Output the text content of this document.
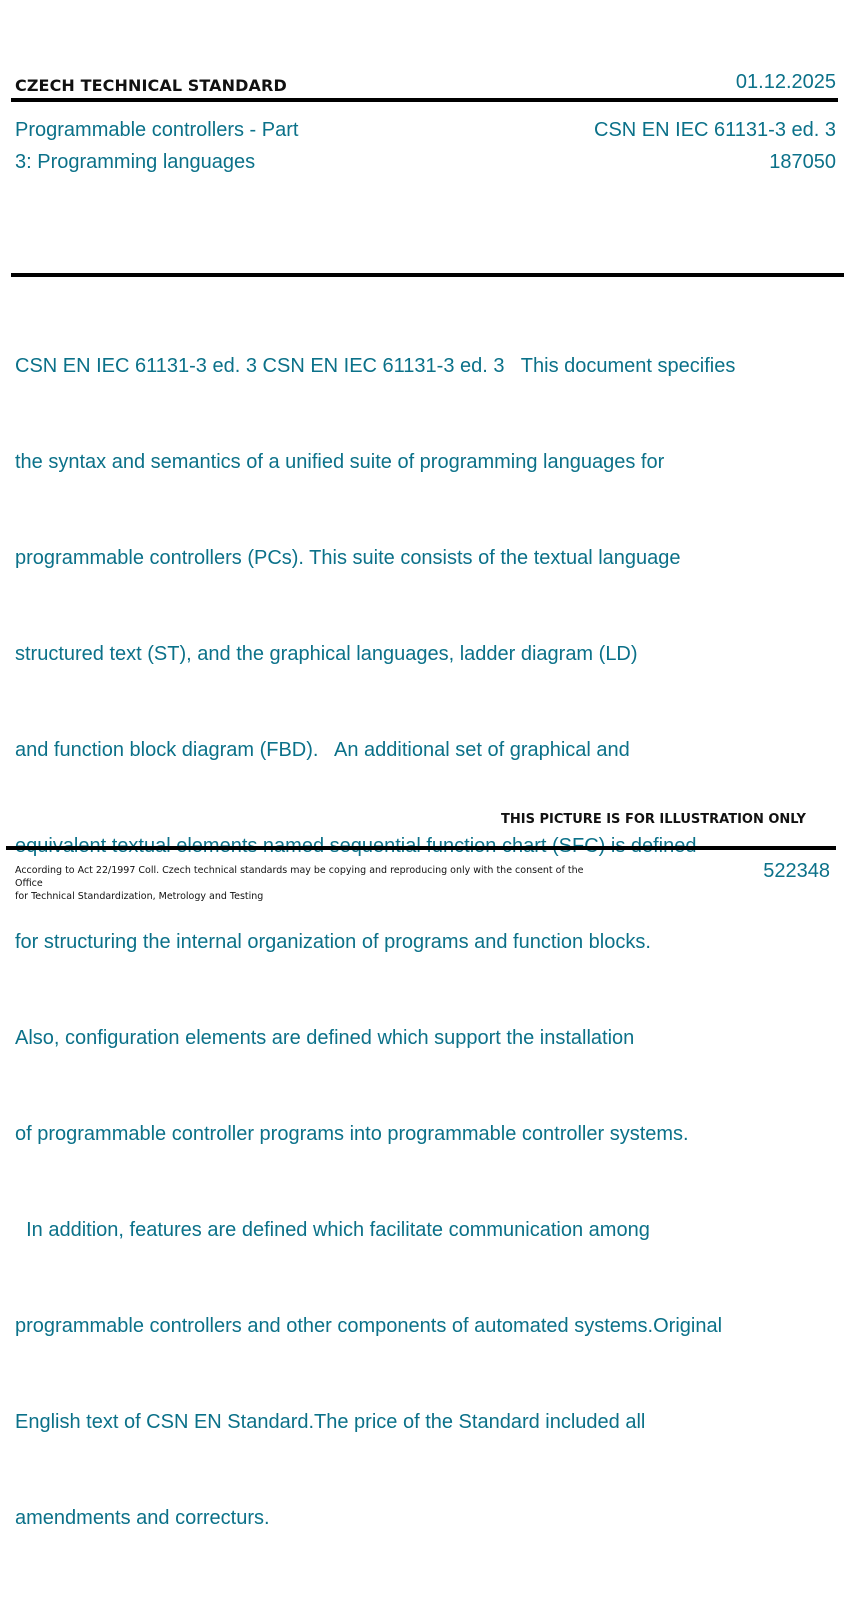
CZECH TECHNICAL STANDARD	01.12.2025
Programmable controllers - Part
3: Programming languages
CSN EN IEC 61131-3 ed. 3
187050

CSN EN IEC 61131-3 ed. 3 CSN EN IEC 61131-3 ed. 3   This document specifies

the syntax and semantics of a unified suite of programming languages for

programmable controllers (PCs). This suite consists of the textual language

structured text (ST), and the graphical languages, ladder diagram (LD)

and function block diagram (FBD).   An additional set of graphical and

for structuring the internal organization of programs and function blocks.

Also, configuration elements are defined which support the installation

of programmable controller programs into programmable controller systems.

In addition, features are defined which facilitate communication among

programmable controllers and other components of automated systems.Original

English text of CSN EN Standard.The price of the Standard included all

amendments and correcturs.

THIS PICTURE IS FOR ILLUSTRATION ONLY
According to Act 22/1997 Coll. Czech technical standards may be copying and reproducing only with the consent of the Office
for Technical Standardization, Metrology and Testing
522348
